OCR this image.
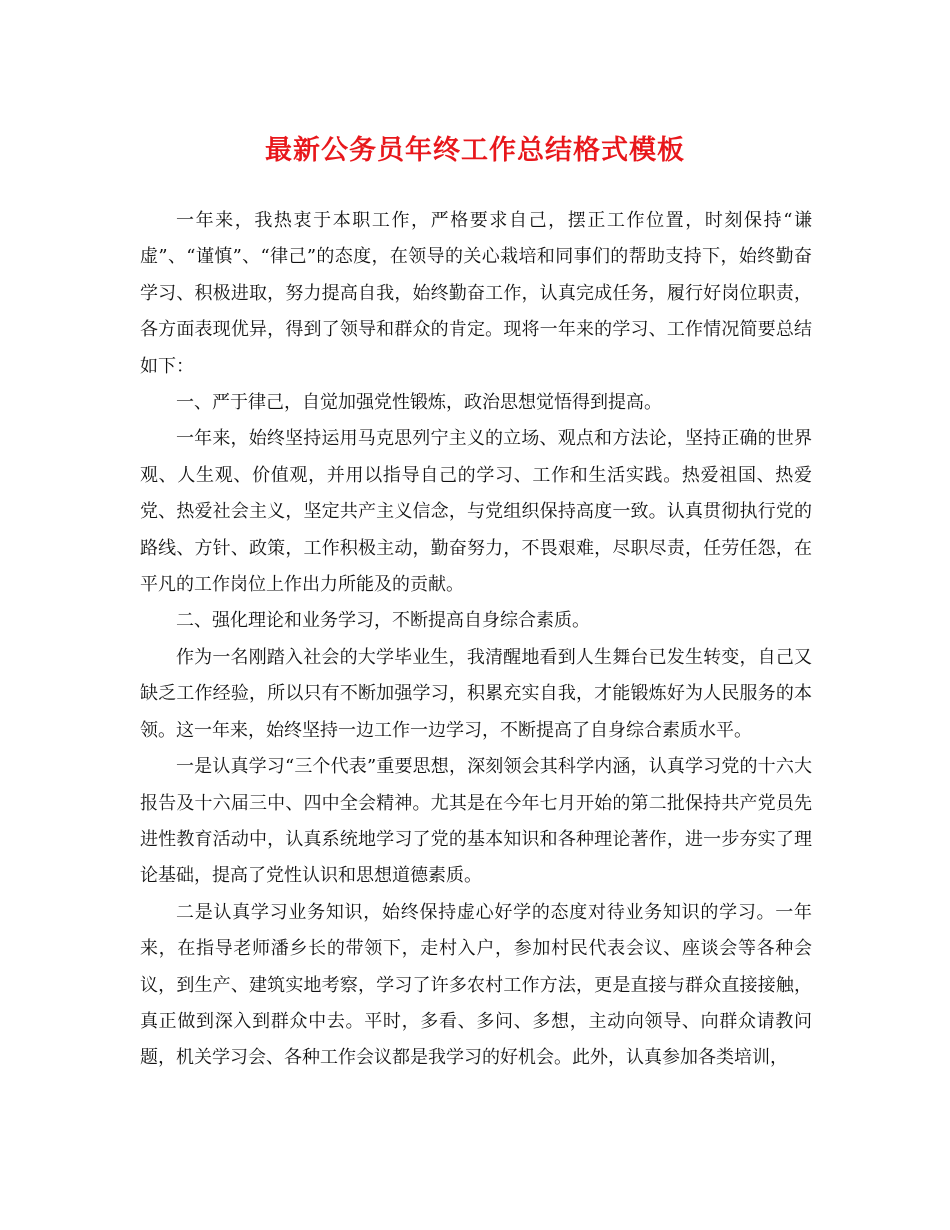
最新公务员年终工作总结格式模板

一年来，我热衷于本职工作，严格要求自己，摆正工作位置，时刻保持“谦虚”、“谨慎”、“律己”的态度，在领导的关心栽培和同事们的帮助支持下，始终勤奋学习、积极进取，努力提高自我，始终勤奋工作，认真完成任务，履行好岗位职责，各方面表现优异，得到了领导和群众的肯定。现将一年来的学习、工作情况简要总结如下：

一、严于律己，自觉加强党性锻炼，政治思想觉悟得到提高。

一年来，始终坚持运用马克思列宁主义的立场、观点和方法论，坚持正确的世界观、人生观、价值观，并用以指导自己的学习、工作和生活实践。热爱祖国、热爱党、热爱社会主义，坚定共产主义信念，与党组织保持高度一致。认真贯彻执行党的路线、方针、政策，工作积极主动，勤奋努力，不畏艰难，尽职尽责，任劳任怨，在平凡的工作岗位上作出力所能及的贡献。

二、强化理论和业务学习，不断提高自身综合素质。

作为一名刚踏入社会的大学毕业生，我清醒地看到人生舞台已发生转变，自己又缺乏工作经验，所以只有不断加强学习，积累充实自我，才能锻炼好为人民服务的本领。这一年来，始终坚持一边工作一边学习，不断提高了自身综合素质水平。

一是认真学习“三个代表”重要思想，深刻领会其科学内涵，认真学习党的十六大报告及十六届三中、四中全会精神。尤其是在今年七月开始的第二批保持共产党员先进性教育活动中，认真系统地学习了党的基本知识和各种理论著作，进一步夯实了理论基础，提高了党性认识和思想道德素质。

二是认真学习业务知识，始终保持虚心好学的态度对待业务知识的学习。一年来，在指导老师潘乡长的带领下，走村入户，参加村民代表会议、座谈会等各种会议，到生产、建筑实地考察，学习了许多农村工作方法，更是直接与群众直接接触，真正做到深入到群众中去。平时，多看、多问、多想，主动向领导、向群众请教问题，机关学习会、各种工作会议都是我学习的好机会。此外，认真参加各类培训，
